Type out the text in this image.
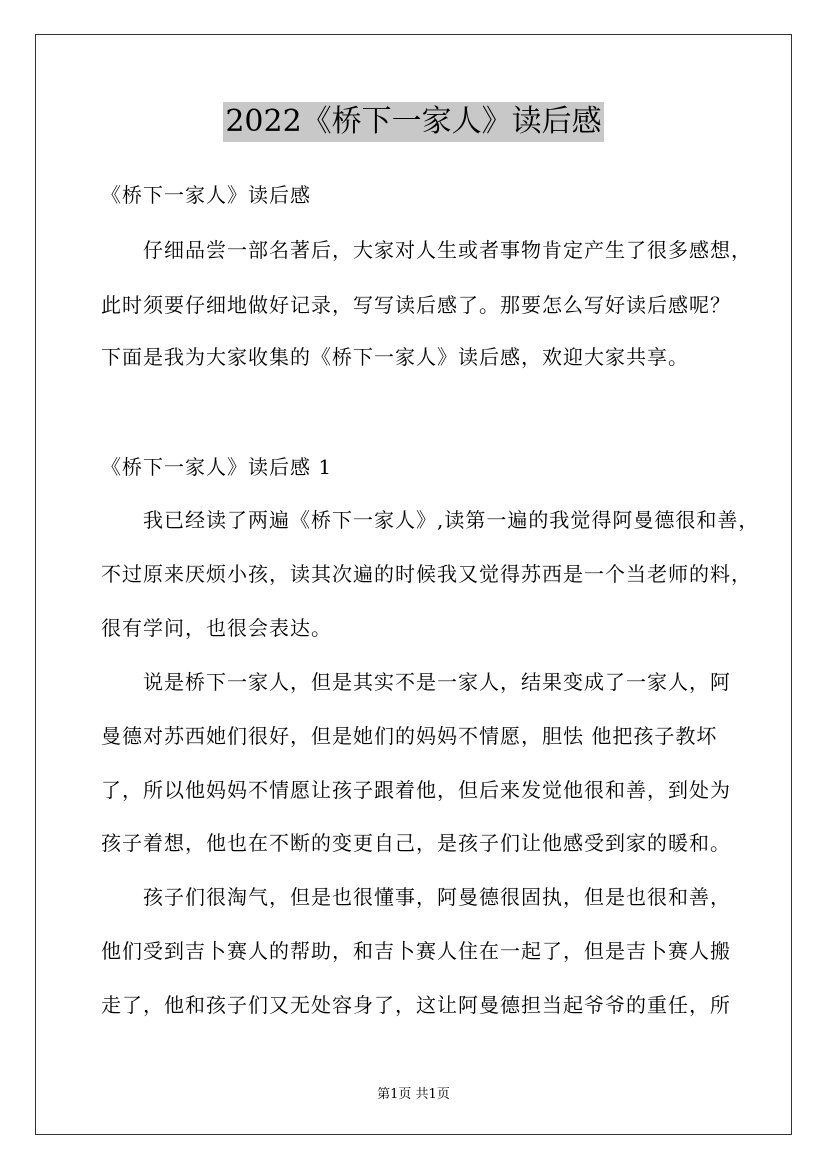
2022《桥下一家人》读后感
《桥下一家人》读后感
仔细品尝一部名著后，大家对人生或者事物肯定产生了很多感想，
此时须要仔细地做好记录，写写读后感了。那要怎么写好读后感呢？
下面是我为大家收集的《桥下一家人》读后感，欢迎大家共享。
《桥下一家人》读后感 1
我已经读了两遍《桥下一家人》,读第一遍的我觉得阿曼德很和善，
不过原来厌烦小孩，读其次遍的时候我又觉得苏西是一个当老师的料，
很有学问，也很会表达。
说是桥下一家人，但是其实不是一家人，结果变成了一家人，阿
曼德对苏西她们很好，但是她们的妈妈不情愿，胆怯 他把孩子教坏
了，所以他妈妈不情愿让孩子跟着他，但后来发觉他很和善，到处为
孩子着想，他也在不断的变更自己，是孩子们让他感受到家的暖和。
孩子们很淘气，但是也很懂事，阿曼德很固执，但是也很和善，
他们受到吉卜赛人的帮助，和吉卜赛人住在一起了，但是吉卜赛人搬
走了，他和孩子们又无处容身了，这让阿曼德担当起爷爷的重任，所
第1页 共1页
